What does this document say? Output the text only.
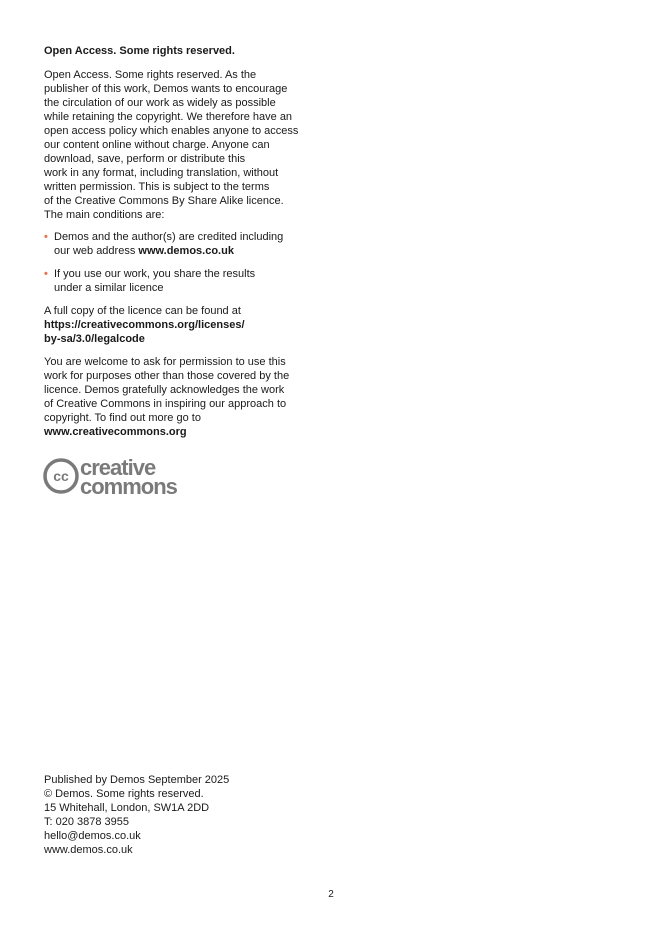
Open Access. Some rights reserved.

Open Access. Some rights reserved. As the

publisher of this work, Demos wants to encourage

the circulation of our work as widely as possible

while retaining the copyright. We therefore have an

open access policy which enables anyone to access

our content online without charge. Anyone can

download, save, perform or distribute this

work in any format, including translation, without

written permission. This is subject to the terms

of the Creative Commons By Share Alike licence.

The main conditions are:

• Demos and the author(s) are credited including
our web address www.demos.co.uk
• If you use our work, you share the results
under a similar licence

A full copy of the licence can be found at

https://creativecommons.org/licenses/

by-sa/3.0/legalcode

You are welcome to ask for permission to use this

work for purposes other than those covered by the

licence. Demos gratefully acknowledges the work

of Creative Commons in inspiring our approach to

copyright. To find out more go to

www.creativecommons.org

cc creative
commons
Published by Demos September 2025
© Demos. Some rights reserved.
15 Whitehall, London, SW1A 2DD
T: 020 3878 3955
hello@demos.co.uk
www.demos.co.uk
2
